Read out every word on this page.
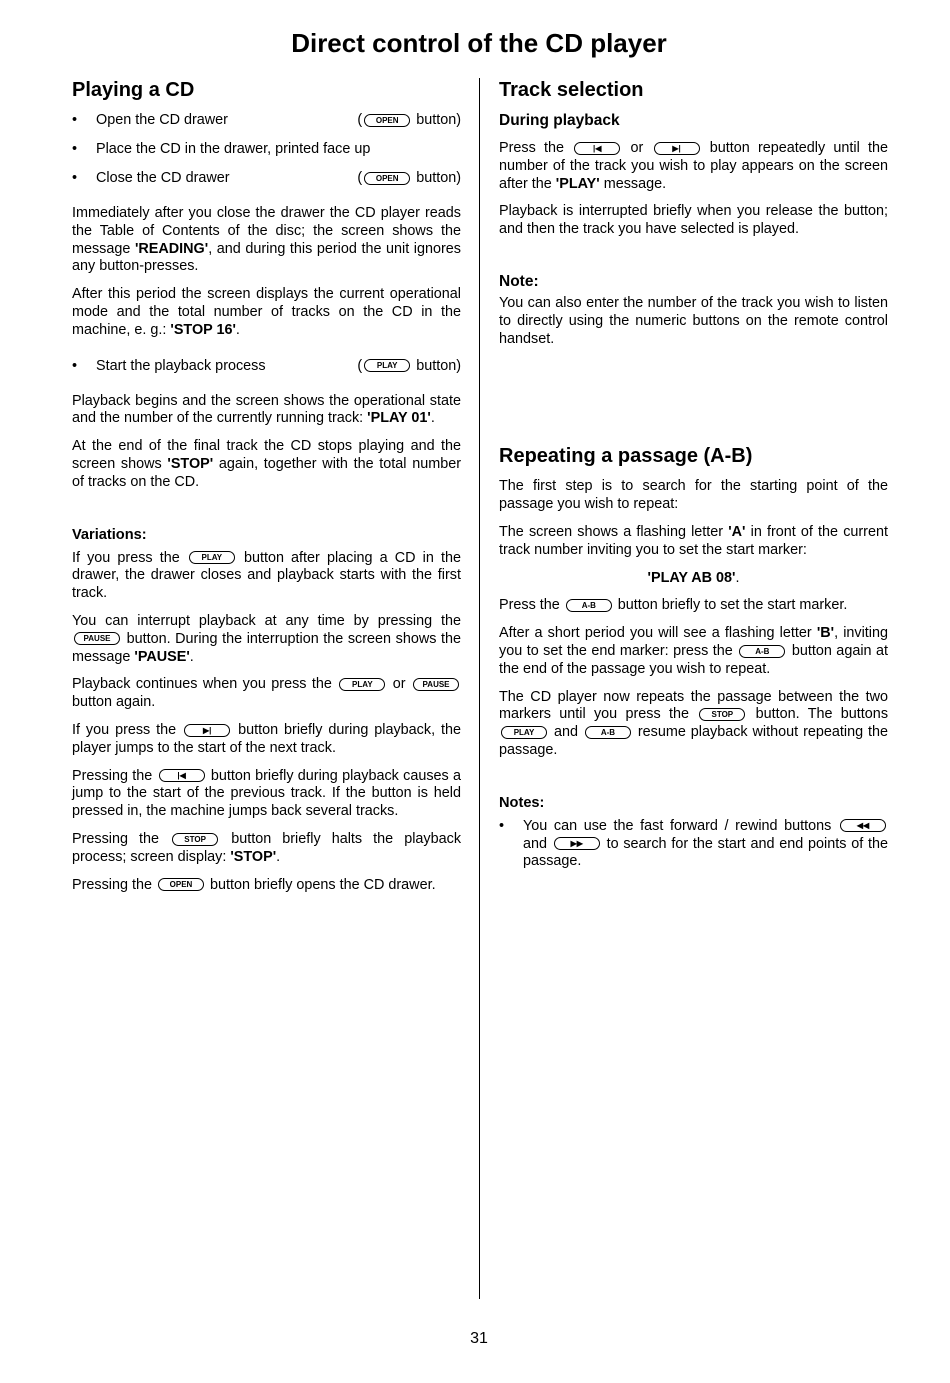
Direct control of the CD player
Playing a CD
• Open the CD drawer	( OPEN button)
• Place the CD in the drawer, printed face up
• Close the CD drawer	( OPEN button)

Immediately after you close the drawer the CD player reads the Table of Contents of the disc; the screen shows the message 'READING', and during this period the unit ignores any button-presses.

After this period the screen displays the current operational mode and the total number of tracks on the CD in the machine, e. g.: 'STOP 16'.

• Start the playback process	( PLAY button)

Playback begins and the screen shows the operational state and the number of the currently running track: 'PLAY 01'.

At the end of the final track the CD stops playing and the screen shows 'STOP' again, together with the total number of tracks on the CD.

Variations:

If you press the	PLAY button after placing a CD in the drawer, the drawer closes and playback starts with the first track.

You can interrupt playback at any time by pressing the PAUSE button. During the interruption the screen shows the message 'PAUSE'.

Playback continues when you press the	PLAY or PAUSE button again.

If you press the	▶| button briefly during playback, the player jumps to the start of the next track.

Pressing the	|◀ button briefly during playback causes a jump to the start of the previous track. If the button is held pressed in, the machine jumps back several tracks.

Pressing the	STOP button briefly halts the playback process; screen display: 'STOP'.

Pressing the OPEN button briefly opens the CD drawer.

Track selection
During playback

Press the	|◀ or	▶| button repeatedly until the number of the track you wish to play appears on the screen after the 'PLAY' message.

Playback is interrupted briefly when you release the button; and then the track you have selected is played.

Note:

You can also enter the number of the track you wish to listen to directly using the numeric buttons on the remote control handset.

Repeating a passage (A-B)

The first step is to search for the starting point of the passage you wish to repeat:

The screen shows a flashing letter 'A' in front of the current track number inviting you to set the start marker:

'PLAY AB 08'.

Press the	A-B button briefly to set the start marker.

After a short period you will see a flashing letter 'B', inviting you to set the end marker: press the	A-B button again at the end of the passage you wish to repeat.

The CD player now repeats the passage between the two markers until you press the	STOP button. The buttons PLAY and	A-B resume playback without repeating the passage.

Notes:
• You can use the fast forward / rewind buttons	◀◀ and	▶▶ to search for the start and end points of the passage.
31
